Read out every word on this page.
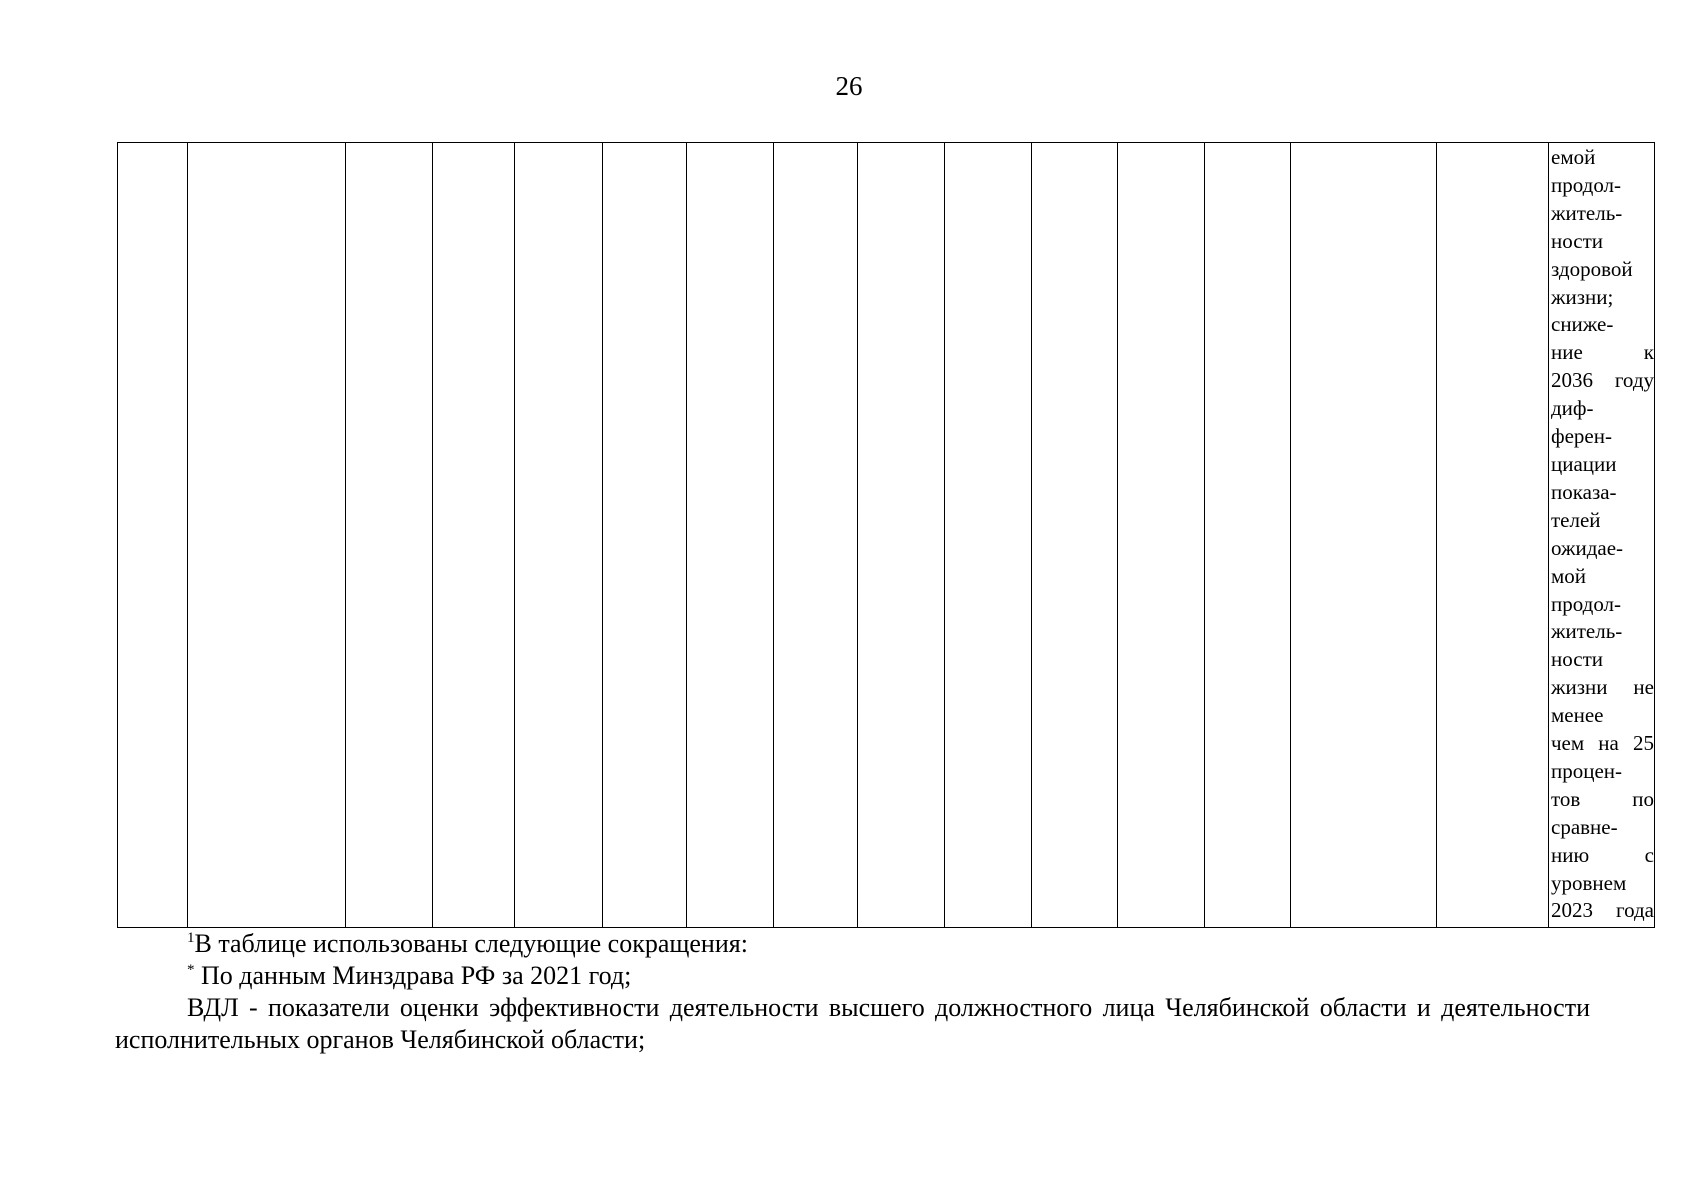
26

емой
продол-
житель-
ности
здоровой
жизни;
сниже-
ние к
2036 году
диф-
ферен-
циации
показа-
телей
ожидае-
мой
продол-
житель-
ности
жизни не
менее
чем на 25
процен-
тов по
сравне-
нию с
уровнем
2023 года
$^1$В таблице использованы следующие сокращения:
* По данным Минздрава РФ за 2021 год;
ВДЛ - показатели оценки эффективности деятельности высшего должностного лица Челябинской области и деятельности исполнительных органов Челябинской области;
